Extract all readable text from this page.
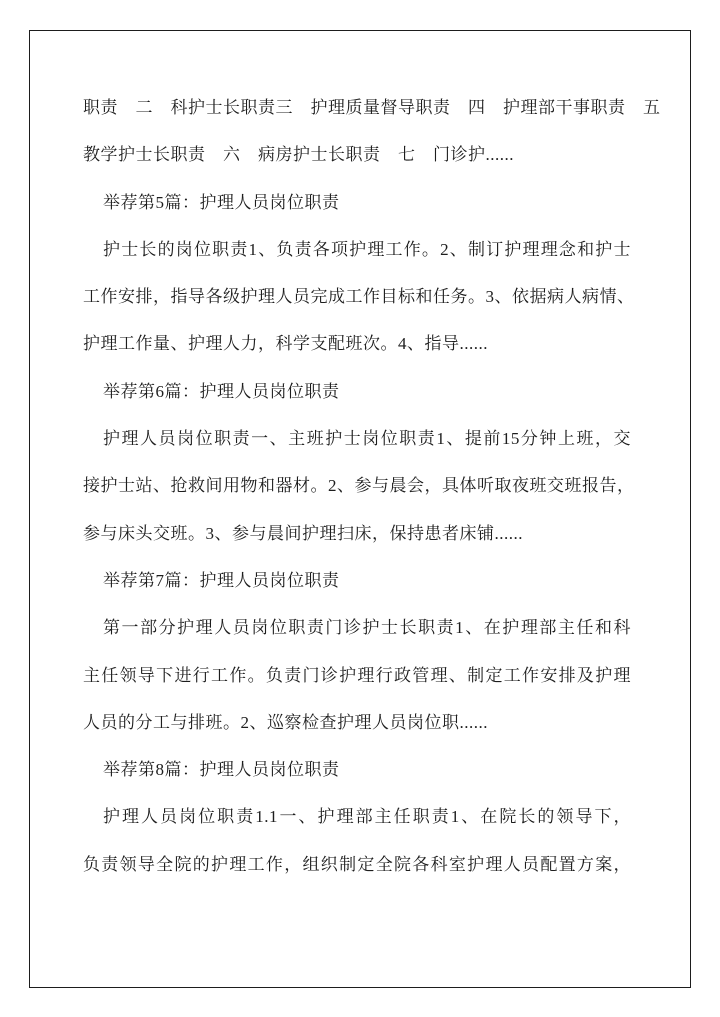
职责　二　科护士长职责三　护理质量督导职责　四　护理部干事职责　五
教学护士长职责　六　病房护士长职责　七　门诊护......
举荐第5篇：护理人员岗位职责
护士长的岗位职责1、负责各项护理工作。2、制订护理理念和护士
工作安排，指导各级护理人员完成工作目标和任务。3、依据病人病情、
护理工作量、护理人力，科学支配班次。4、指导......
举荐第6篇：护理人员岗位职责
护理人员岗位职责一、主班护士岗位职责1、提前15分钟上班，交
接护士站、抢救间用物和器材。2、参与晨会，具体听取夜班交班报告，
参与床头交班。3、参与晨间护理扫床，保持患者床铺......
举荐第7篇：护理人员岗位职责
第一部分护理人员岗位职责门诊护士长职责1、在护理部主任和科
主任领导下进行工作。负责门诊护理行政管理、制定工作安排及护理
人员的分工与排班。2、巡察检查护理人员岗位职......
举荐第8篇：护理人员岗位职责
护理人员岗位职责1.1一、护理部主任职责1、在院长的领导下，
负责领导全院的护理工作，组织制定全院各科室护理人员配置方案，
